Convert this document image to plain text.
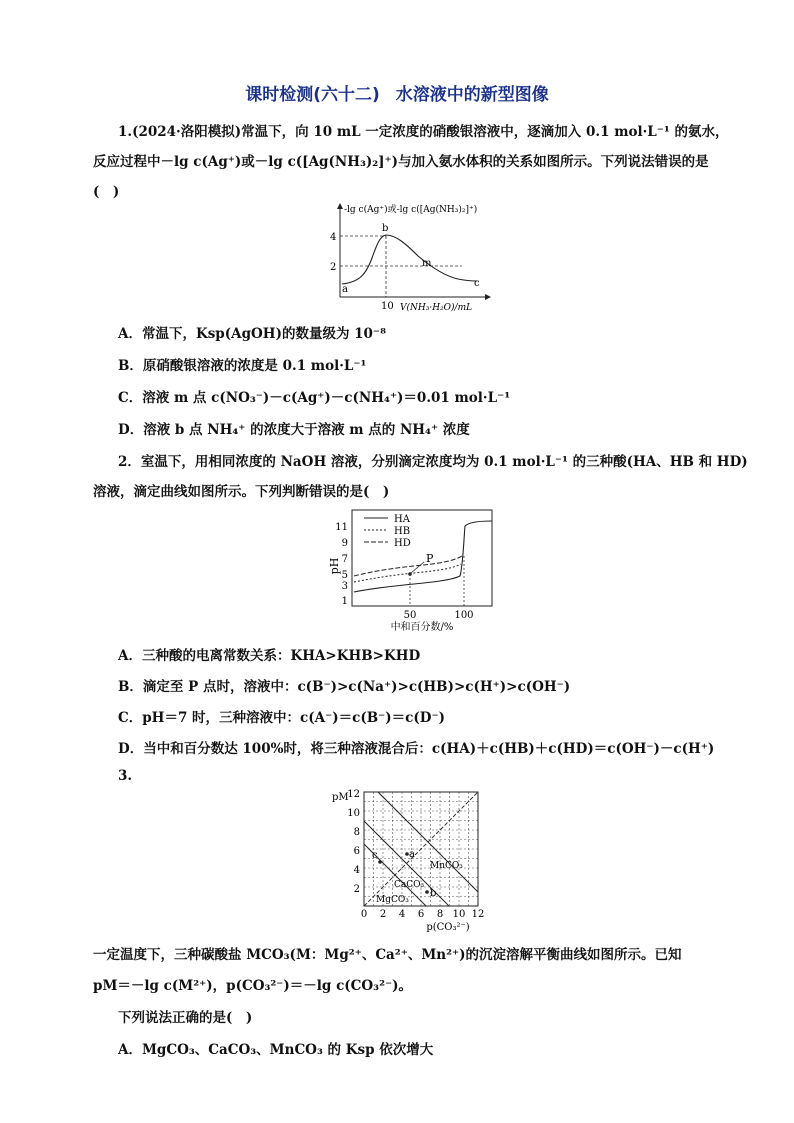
课时检测(六十二) 水溶液中的新型图像
1.(2024·洛阳模拟)常温下，向 10 mL 一定浓度的硝酸银溶液中，逐滴加入 0.1 mol·L⁻¹ 的氨水，
反应过程中－lg c(Ag⁺)或－lg c([Ag(NH₃)₂]⁺)与加入氨水体积的关系如图所示。下列说法错误的是
(　)
-lg c(Ag⁺)或-lg c([Ag(NH₃)₂]⁺)
V(NH₃·H₂O)/mL
4
2
10
a
b
m
c
A．常温下，Ksp(AgOH)的数量级为 10⁻⁸
B．原硝酸银溶液的浓度是 0.1 mol·L⁻¹
C．溶液 m 点 c(NO₃⁻)－c(Ag⁺)－c(NH₄⁺)＝0.01 mol·L⁻¹
D．溶液 b 点 NH₄⁺ 的浓度大于溶液 m 点的 NH₄⁺ 浓度
2．室温下，用相同浓度的 NaOH 溶液，分别滴定浓度均为 0.1 mol·L⁻¹ 的三种酸(HA、HB 和 HD)
溶液，滴定曲线如图所示。下列判断错误的是(　)
pH
11
9
7
5
3
1
50	100
中和百分数/%
P
HA
HB
HD
A．三种酸的电离常数关系：KHA>KHB>KHD
B．滴定至 P 点时，溶液中：c(B⁻)>c(Na⁺)>c(HB)>c(H⁺)>c(OH⁻)
C．pH＝7 时，三种溶液中：c(A⁻)＝c(B⁻)＝c(D⁻)
D．当中和百分数达 100%时，将三种溶液混合后：c(HA)＋c(HB)＋c(HD)＝c(OH⁻)－c(H⁺)
3.
pM
12
10
8
6
4
2
0 2 4 6 8 10 12
p(CO₃²⁻)
MnCO₃
CaCO₃
MgCO₃
a
b
c
一定温度下，三种碳酸盐 MCO₃(M：Mg²⁺、Ca²⁺、Mn²⁺)的沉淀溶解平衡曲线如图所示。已知
pM＝－lg c(M²⁺)，p(CO₃²⁻)＝－lg c(CO₃²⁻)。
下列说法正确的是(　)
A．MgCO₃、CaCO₃、MnCO₃ 的 Ksp 依次增大
